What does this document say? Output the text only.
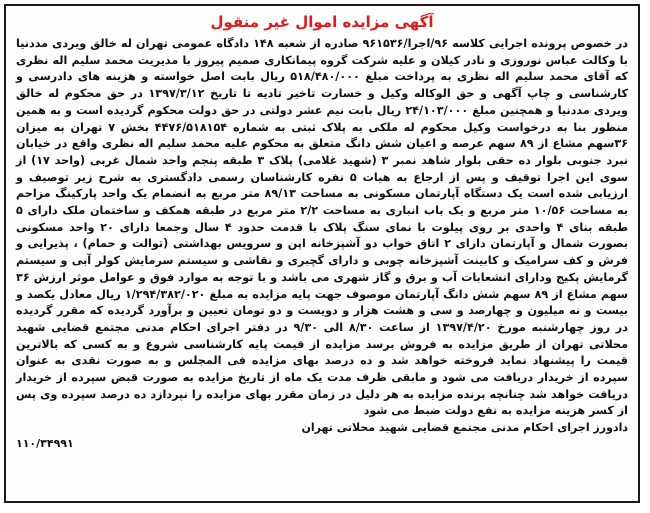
آگهی مزایده اموال غیر منقول

در خصوص پرونده اجرایی کلاسه ۹۶/اجرا/۹۶۱۵۳۶ صادره از شعبه ۱۴۸ دادگاه عمومی تهران له خالق ویردی مددنیا با وکالت عباس نوروزی و نادر کیلان و علیه شرکت گروه پیمانکاری صمیم پیروز با مدیریت محمد سلیم اله نظری که آقای محمد سلیم اله نظری به پرداخت مبلغ ۵۱۸/۴۸۰/۰۰۰ ریال بابت اصل خواسته و هزینه های دادرسی و کارشناسی و چاپ آگهی و حق الوکاله وکیل و خسارت تاخیر تادیه تا تاریخ ۱۳۹۷/۳/۱۲ در حق محکوم له خالق ویردی مددنیا و همچنین مبلغ ۲۴/۱۰۳/۰۰۰ ریال بابت نیم عشر دولتی در حق دولت محکوم گردیده است و به همین منظور بنا به درخواست وکیل محکوم له ملکی به پلاک ثبتی به شماره ۴۴۷۶/۵۱۸۱۵۴ بخش ۷ تهران به میزان ۳۶سهم مشاع از ۸۹ سهم عرصه و اعیان شش دانگ متعلق به محکوم علیه محمد سلیم اله نظری واقع در خیابان نبرد جنوبی بلوار ده حقی بلوار شاهد نمبر ۳ (شهید غلامی) پلاک ۳ طبقه پنجم واحد شمال غربی (واحد ۱۷) از سوی این اجرا توقیف و پس از ارجاع به هیات ۵ نفره کارشناسان رسمی دادگستری به شرح زیر توصیف و ارزیابی شده است یک دستگاه آپارتمان مسکونی به مساحت ۸۹/۱۳ متر مربع به انضمام یک واحد پارکینگ مزاحم به مساحت ۱۰/۵۶ متر مربع و یک باب انباری به مساحت ۲/۲ متر مربع در طبقه همکف و ساختمان ملک دارای ۵ طبقه بنای ۴ واحدی بر روی پیلوت با نمای سنگ پلاک با قدمت حدود ۴ سال وجمعا دارای ۲۰ واحد مسکونی بصورت شمال و آپارتمان دارای ۲ اتاق خواب دو آشپزخانه اپن و سرویس بهداشتی (توالت و حمام) ، پذیرایی و فرش و کف سرامیک و کابینت آشپزخانه چوبی و دارای گچبری و نقاشی و سیستم سرمایش کولر آبی و سیستم گرمایش پکیج ودارای انشعابات آب و برق و گاز شهری می باشد و با توجه به موارد فوق و عوامل موثر ارزش ۳۶ سهم مشاع از ۸۹ سهم شش دانگ آپارتمان موصوف جهت پایه مزایده به مبلغ ۱/۲۹۴/۳۸۲/۰۲۰ ریال معادل یکصد و بیست و نه میلیون و چهارصد و سی و هشت هزار و دویست و دو تومان تعیین و برآورد گردیده که مقرر گردیده در روز چهارشنبه مورخ ۱۳۹۷/۴/۲۰ از ساعت ۸/۳۰ الی ۹/۳۰ در دفتر اجرای احکام مدنی مجتمع قضایی شهید محلاتی تهران از طریق مزایده به فروش برسد مزایده از قیمت پایه کارشناسی شروع و به کسی که بالاترین قیمت را پیشنهاد نماید فروخته خواهد شد و ده درصد بهای مزایده فی المجلس و به صورت نقدی به عنوان سپرده از خریدار دریافت می شود و مابقی ظرف مدت یک ماه از تاریخ مزایده به صورت قبض سپرده از خریدار دریافت خواهد شد چنانچه برنده مزایده به هر دلیل در زمان مقرر بهای مزایده را نپردازد ده درصد سپرده وی پس از کسر هزینه مزایده به نفع دولت ضبط می شود

دادورز اجرای احکام مدنی مجتمع قضایی شهید محلاتی تهران
۱۱۰/۳۴۹۹۱
